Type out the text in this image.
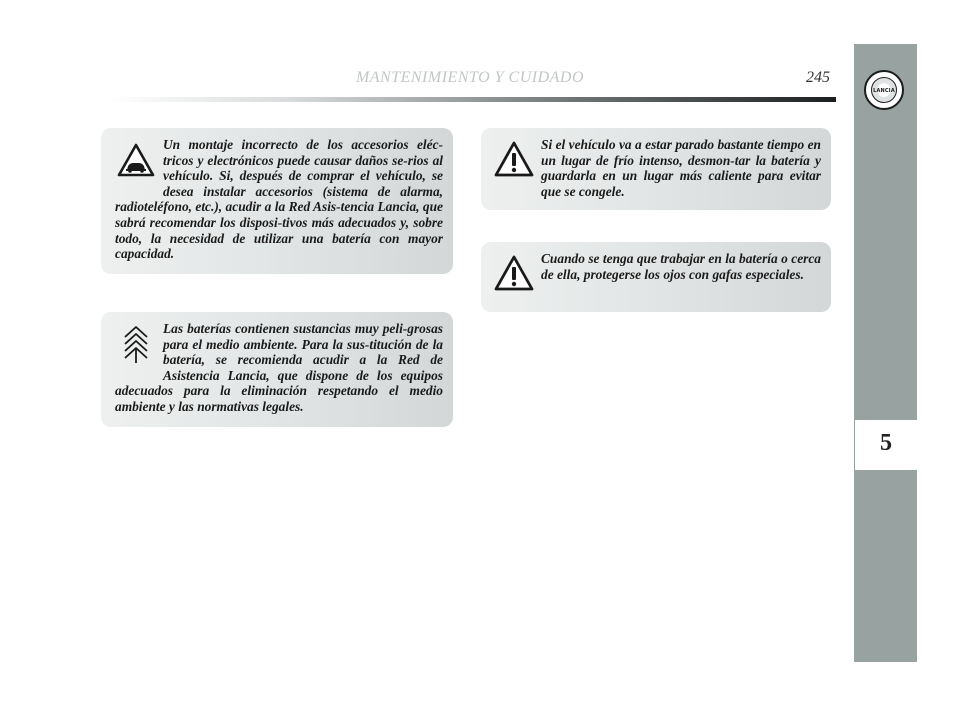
MANTENIMIENTO Y CUIDADO	245
LANCIA
5

Un montaje incorrecto de los accesorios eléc-tricos y electrónicos puede causar daños se-rios al vehículo. Si, después de comprar el vehículo, se desea instalar accesorios (sistema de alarma, radioteléfono, etc.), acudir a la Red Asis-tencia Lancia, que sabrá recomendar los disposi-tivos más adecuados y, sobre todo, la necesidad de utilizar una batería con mayor capacidad.

Las baterías contienen sustancias muy peli-grosas para el medio ambiente. Para la sus-titución de la batería, se recomienda acudir a la Red de Asistencia Lancia, que dispone de los equipos adecuados para la eliminación respetando el medio ambiente y las normativas legales.

Si el vehículo va a estar parado bastante tiempo en un lugar de frío intenso, desmon-tar la batería y guardarla en un lugar más caliente para evitar que se congele.

Cuando se tenga que trabajar en la batería o cerca de ella, protegerse los ojos con gafas especiales.
